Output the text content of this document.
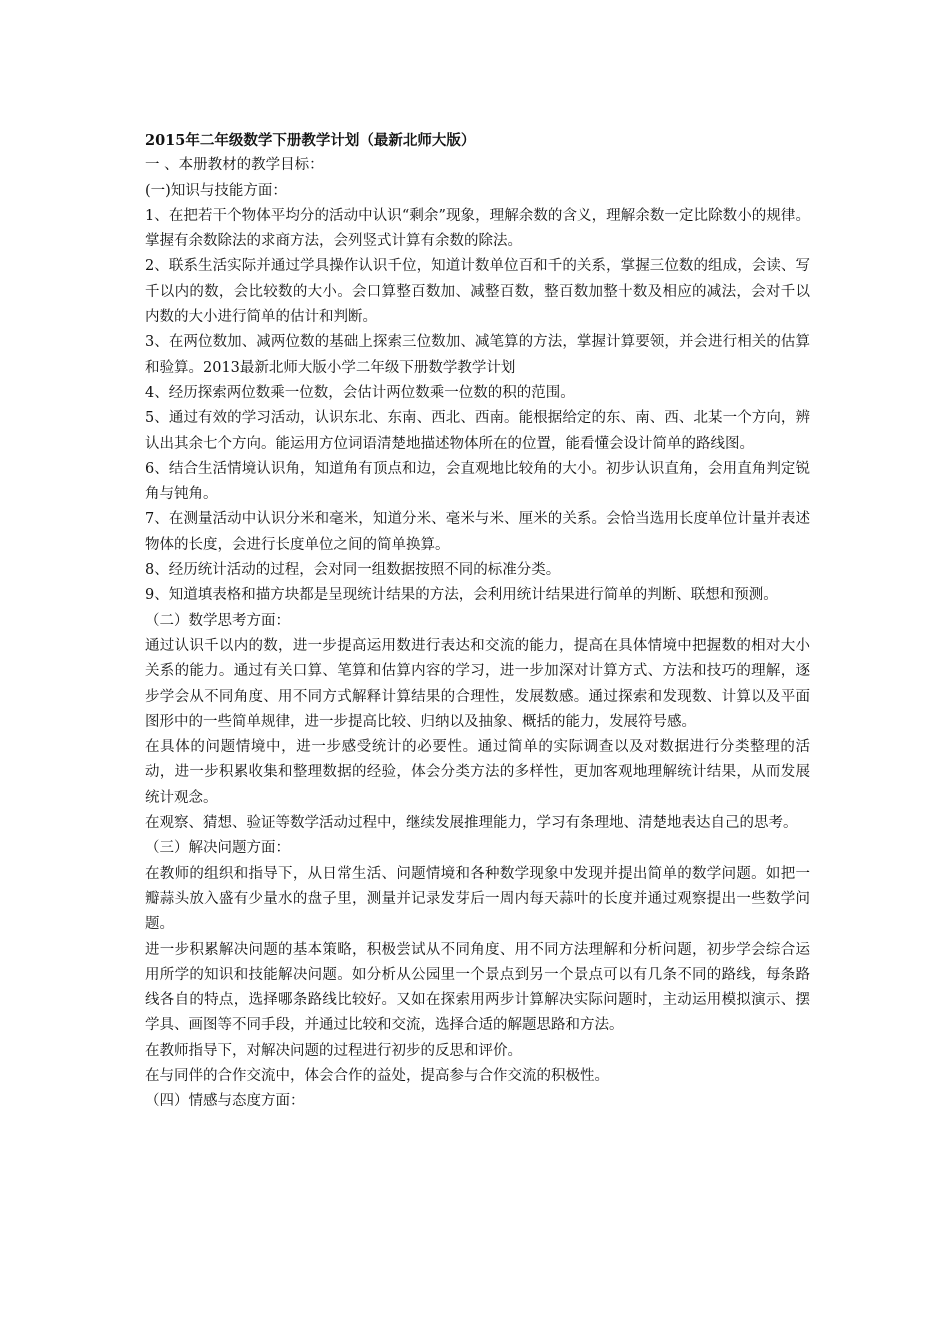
2015年二年级数学下册教学计划（最新北师大版）

一 、本册教材的教学目标：

(一)知识与技能方面：

1、在把若干个物体平均分的活动中认识“剩余”现象，理解余数的含义，理解余数一定比除数小的规律。掌握有余数除法的求商方法，会列竖式计算有余数的除法。

2、联系生活实际并通过学具操作认识千位，知道计数单位百和千的关系，掌握三位数的组成，会读、写千以内的数，会比较数的大小。会口算整百数加、减整百数，整百数加整十数及相应的减法，会对千以内数的大小进行简单的估计和判断。

3、在两位数加、减两位数的基础上探索三位数加、减笔算的方法，掌握计算要领，并会进行相关的估算和验算。2013最新北师大版小学二年级下册数学教学计划

4、经历探索两位数乘一位数，会估计两位数乘一位数的积的范围。

5、通过有效的学习活动，认识东北、东南、西北、西南。能根据给定的东、南、西、北某一个方向，辨认出其余七个方向。能运用方位词语清楚地描述物体所在的位置，能看懂会设计简单的路线图。

6、结合生活情境认识角，知道角有顶点和边，会直观地比较角的大小。初步认识直角，会用直角判定锐角与钝角。

7、在测量活动中认识分米和毫米，知道分米、毫米与米、厘米的关系。会恰当选用长度单位计量并表述物体的长度，会进行长度单位之间的简单换算。

8、经历统计活动的过程，会对同一组数据按照不同的标准分类。

9、知道填表格和描方块都是呈现统计结果的方法，会利用统计结果进行简单的判断、联想和预测。

（二）数学思考方面：

通过认识千以内的数，进一步提高运用数进行表达和交流的能力，提高在具体情境中把握数的相对大小关系的能力。通过有关口算、笔算和估算内容的学习，进一步加深对计算方式、方法和技巧的理解，逐步学会从不同角度、用不同方式解释计算结果的合理性，发展数感。通过探索和发现数、计算以及平面图形中的一些简单规律，进一步提高比较、归纳以及抽象、概括的能力，发展符号感。

在具体的问题情境中，进一步感受统计的必要性。通过简单的实际调查以及对数据进行分类整理的活动，进一步积累收集和整理数据的经验，体会分类方法的多样性，更加客观地理解统计结果，从而发展统计观念。

在观察、猜想、验证等数学活动过程中，继续发展推理能力，学习有条理地、清楚地表达自己的思考。

（三）解决问题方面：

在教师的组织和指导下，从日常生活、问题情境和各种数学现象中发现并提出简单的数学问题。如把一瓣蒜头放入盛有少量水的盘子里，测量并记录发芽后一周内每天蒜叶的长度并通过观察提出一些数学问题。

进一步积累解决问题的基本策略，积极尝试从不同角度、用不同方法理解和分析问题，初步学会综合运用所学的知识和技能解决问题。如分析从公园里一个景点到另一个景点可以有几条不同的路线，每条路线各自的特点，选择哪条路线比较好。又如在探索用两步计算解决实际问题时，主动运用模拟演示、摆学具、画图等不同手段，并通过比较和交流，选择合适的解题思路和方法。

在教师指导下，对解决问题的过程进行初步的反思和评价。

在与同伴的合作交流中，体会合作的益处，提高参与合作交流的积极性。

（四）情感与态度方面：
